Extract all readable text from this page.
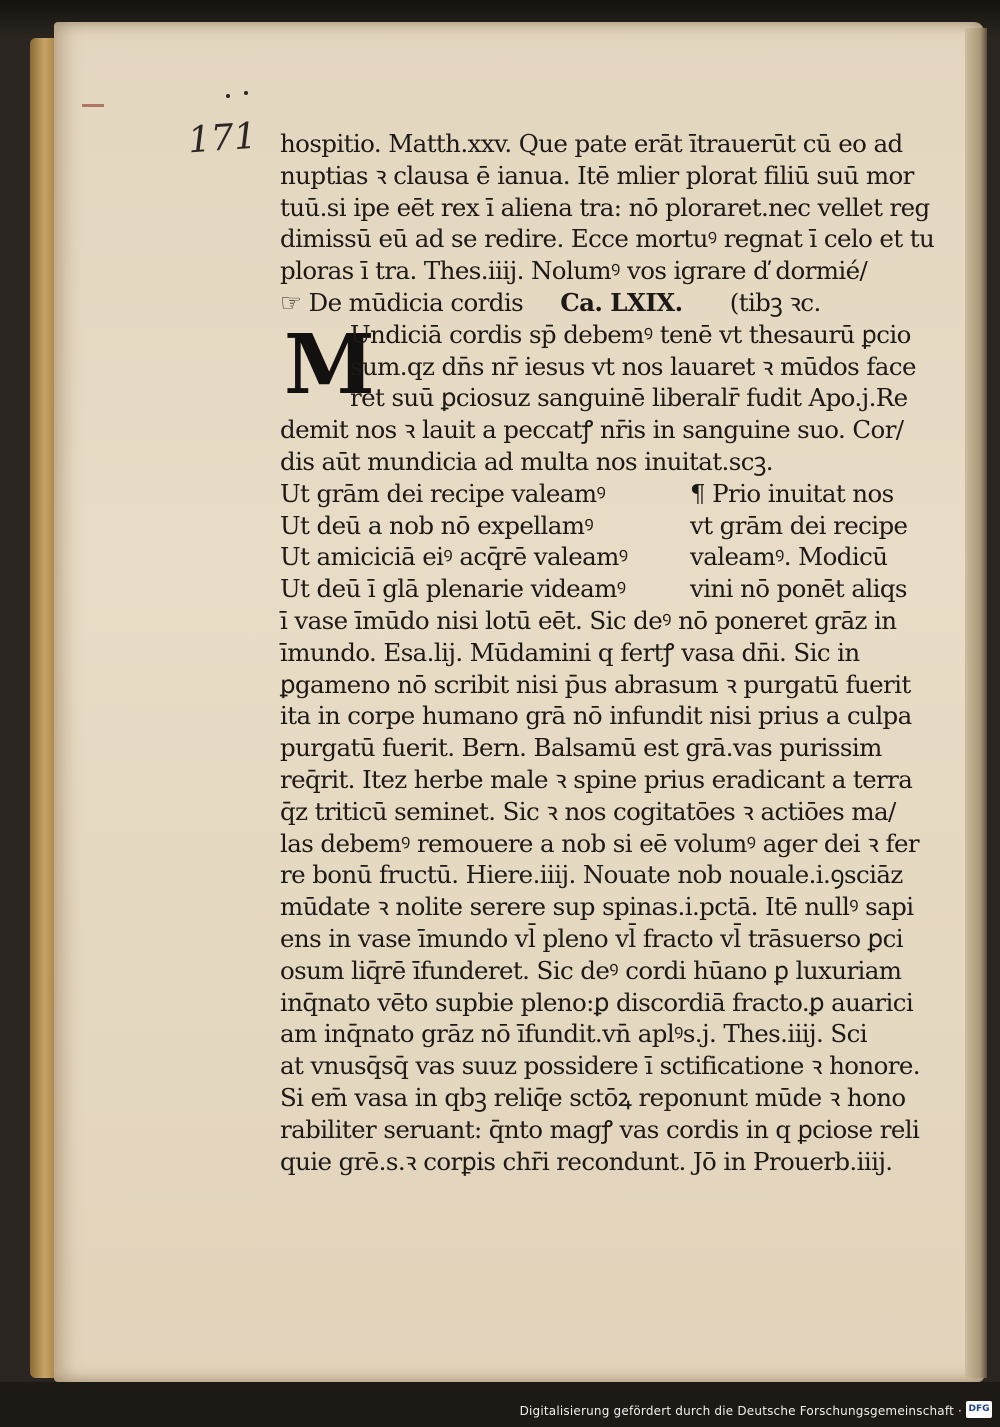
171
M
hospitio. Matth.xxv. Que pate erāt ītrauerūt cū eo ad
nuptias ꝛ clausa ē ianua. Itē mlier plorat filiū suū mor
tuū.si ipe eēt rex ī aliena tra: nō ploraret.nec vellet reg
dimissū eū ad se redire. Ecce mortuꝰ regnat ī celo et tu
ploras ī tra. Thes.iiij. Nolumꝰ vos igrare ď dormié/
☞ De mūdicia cordis Ca. LXIX. (tibꝫ ꝛc.
Undiciā cordis sp̄ debemꝰ tenē vt thesaurū ꝑcio
sum.qz dn̄s nr̄ iesus vt nos lauaret ꝛ mūdos face
ret suū ꝑciosuz sanguinē liberalr̄ fudit Apo.j.Re
demit nos ꝛ lauit a peccatꝭ nr̄is in sanguine suo. Cor/
dis aūt mundicia ad multa nos inuitat.scꝫ.
Ut grām dei recipe valeamꝰ	¶ Prio inuitat nos
Ut deū a nob nō expellamꝰ	vt grām dei recipe
Ut amiciciā eiꝰ acq̄rē valeamꝰ	valeamꝰ. Modicū
Ut deū ī glā plenarie videamꝰ	vini nō ponēt aliqs
ī vase īmūdo nisi lotū eēt. Sic deꝰ nō poneret grāz in
īmundo. Esa.lij. Mūdamini q fertꝭ vasa dn̄i. Sic in
ꝑgameno nō scribit nisi p̄us abrasum ꝛ purgatū fuerit
ita in corpe humano grā nō infundit nisi prius a culpa
purgatū fuerit. Bern. Balsamū est grā.vas purissim
req̄rit. Itez herbe male ꝛ spine prius eradicant a terra
q̄z triticū seminet. Sic ꝛ nos cogitatōes ꝛ actiōes ma/
las debemꝰ remouere a nob si eē volumꝰ ager dei ꝛ fer
re bonū fructū. Hiere.iiij. Nouate nob nouale.i.ꝯsciāz
mūdate ꝛ nolite serere sup spinas.i.pctā. Itē nullꝰ sapi
ens in vase īmundo vl̄ pleno vl̄ fracto vl̄ trāsuerso ꝑci
osum liq̄rē īfunderet. Sic deꝰ cordi hūano ꝑ luxuriam
inq̄nato vēto supbie pleno:ꝑ discordiā fracto.ꝑ auarici
am inq̄nato grāz nō īfundit.vn̄ aplꝰs.j. Thes.iiij. Sci
at vnusq̄sq̄ vas suuz possidere ī sctificatione ꝛ honore.
Si em̄ vasa in qbꝫ reliq̄e sctōꝝ reponunt mūde ꝛ hono
rabiliter seruant: q̄nto magꝭ vas cordis in q ꝑciose reli
quie grē.s.ꝛ corꝑis chr̄i recondunt. Jō in Prouerb.iiij.
Digitalisierung gefördert durch die Deutsche Forschungsgemeinschaft · DFG
